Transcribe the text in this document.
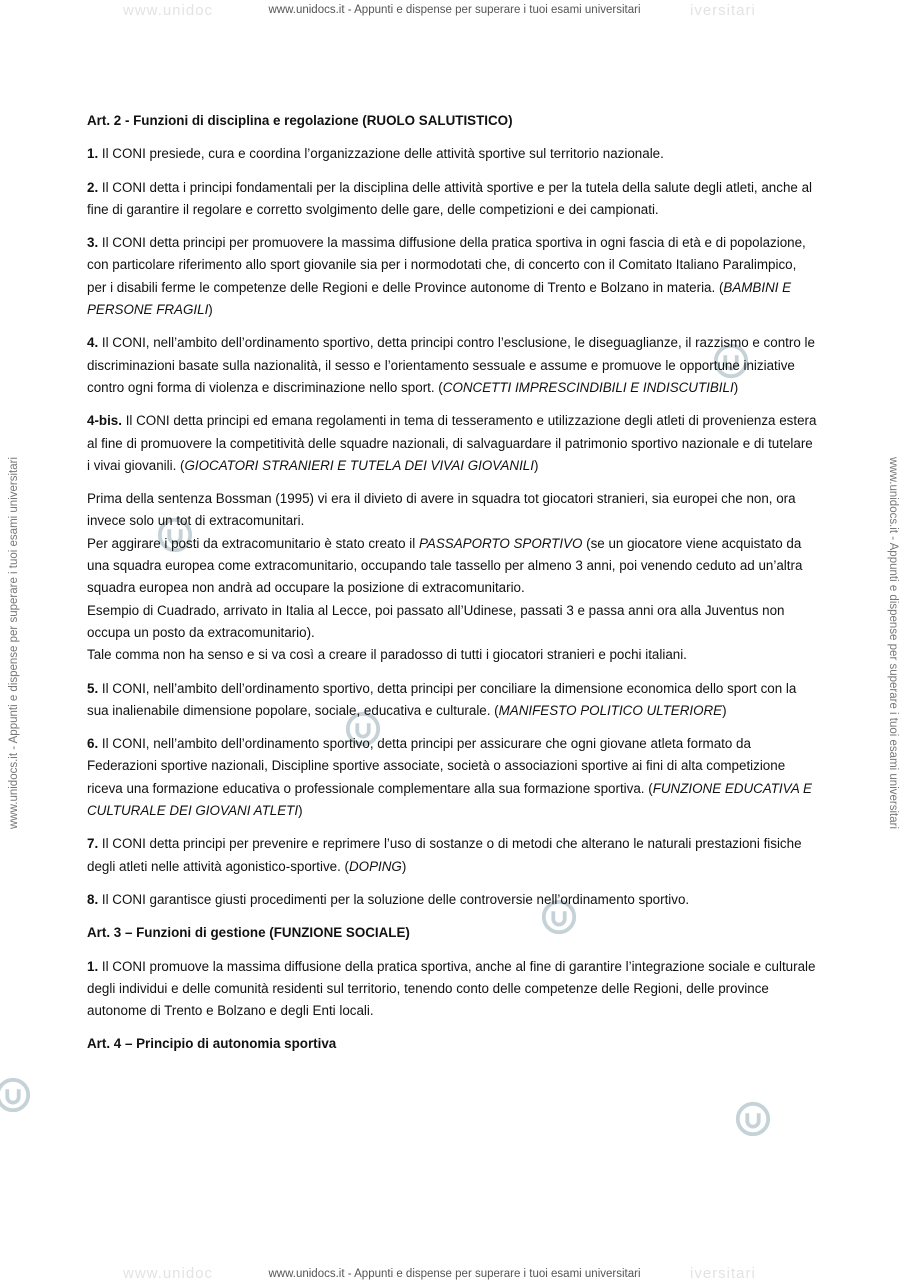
www.unidoc	iversitari
www.unidocs.it - Appunti e dispense per superare i tuoi esami universitari
www.unidoc	iversitari
www.unidocs.it - Appunti e dispense per superare i tuoi esami universitari
www.unidocs.it - Appunti e dispense per superare i tuoi esami universitari	www.unidocs.it - Appunti e dispense per superare i tuoi esami universitari

Art. 2 - Funzioni di disciplina e regolazione (RUOLO SALUTISTICO)

1. Il CONI presiede, cura e coordina l’organizzazione delle attività sportive sul territorio nazionale.

2. Il CONI detta i principi fondamentali per la disciplina delle attività sportive e per la tutela della salute degli atleti, anche al fine di garantire il regolare e corretto svolgimento delle gare, delle competizioni e dei campionati.

3. Il CONI detta principi per promuovere la massima diffusione della pratica sportiva in ogni fascia di età e di popolazione, con particolare riferimento allo sport giovanile sia per i normodotati che, di concerto con il Comitato Italiano Paralimpico, per i disabili ferme le competenze delle Regioni e delle Province autonome di Trento e Bolzano in materia. (BAMBINI E PERSONE FRAGILI)

4. Il CONI, nell’ambito dell’ordinamento sportivo, detta principi contro l’esclusione, le diseguaglianze, il razzismo e contro le discriminazioni basate sulla nazionalità, il sesso e l’orientamento sessuale e assume e promuove le opportune iniziative contro ogni forma di violenza e discriminazione nello sport. (CONCETTI IMPRESCINDIBILI E INDISCUTIBILI)

4-bis. Il CONI detta principi ed emana regolamenti in tema di tesseramento e utilizzazione degli atleti di provenienza estera al fine di promuovere la competitività delle squadre nazionali, di salvaguardare il patrimonio sportivo nazionale e di tutelare i vivai giovanili. (GIOCATORI STRANIERI E TUTELA DEI VIVAI GIOVANILI)

Prima della sentenza Bossman (1995) vi era il divieto di avere in squadra tot giocatori stranieri, sia europei che non, ora invece solo un tot di extracomunitari.

Per aggirare i posti da extracomunitario è stato creato il PASSAPORTO SPORTIVO (se un giocatore viene acquistato da una squadra europea come extracomunitario, occupando tale tassello per almeno 3 anni, poi venendo ceduto ad un’altra squadra europea non andrà ad occupare la posizione di extracomunitario.

Esempio di Cuadrado, arrivato in Italia al Lecce, poi passato all’Udinese, passati 3 e passa anni ora alla Juventus non occupa un posto da extracomunitario).

Tale comma non ha senso e si va così a creare il paradosso di tutti i giocatori stranieri e pochi italiani.

5. Il CONI, nell’ambito dell’ordinamento sportivo, detta principi per conciliare la dimensione economica dello sport con la sua inalienabile dimensione popolare, sociale, educativa e culturale. (MANIFESTO POLITICO ULTERIORE)

6. Il CONI, nell’ambito dell’ordinamento sportivo, detta principi per assicurare che ogni giovane atleta formato da Federazioni sportive nazionali, Discipline sportive associate, società o associazioni sportive ai fini di alta competizione riceva una formazione educativa o professionale complementare alla sua formazione sportiva. (FUNZIONE EDUCATIVA E CULTURALE DEI GIOVANI ATLETI)

7. Il CONI detta principi per prevenire e reprimere l’uso di sostanze o di metodi che alterano le naturali prestazioni fisiche degli atleti nelle attività agonistico-sportive. (DOPING)

8. Il CONI garantisce giusti procedimenti per la soluzione delle controversie nell’ordinamento sportivo.

Art. 3 – Funzioni di gestione (FUNZIONE SOCIALE)

1. Il CONI promuove la massima diffusione della pratica sportiva, anche al fine di garantire l’integrazione sociale e culturale degli individui e delle comunità residenti sul territorio, tenendo conto delle competenze delle Regioni, delle province autonome di Trento e Bolzano e degli Enti locali.

Art. 4 – Principio di autonomia sportiva
